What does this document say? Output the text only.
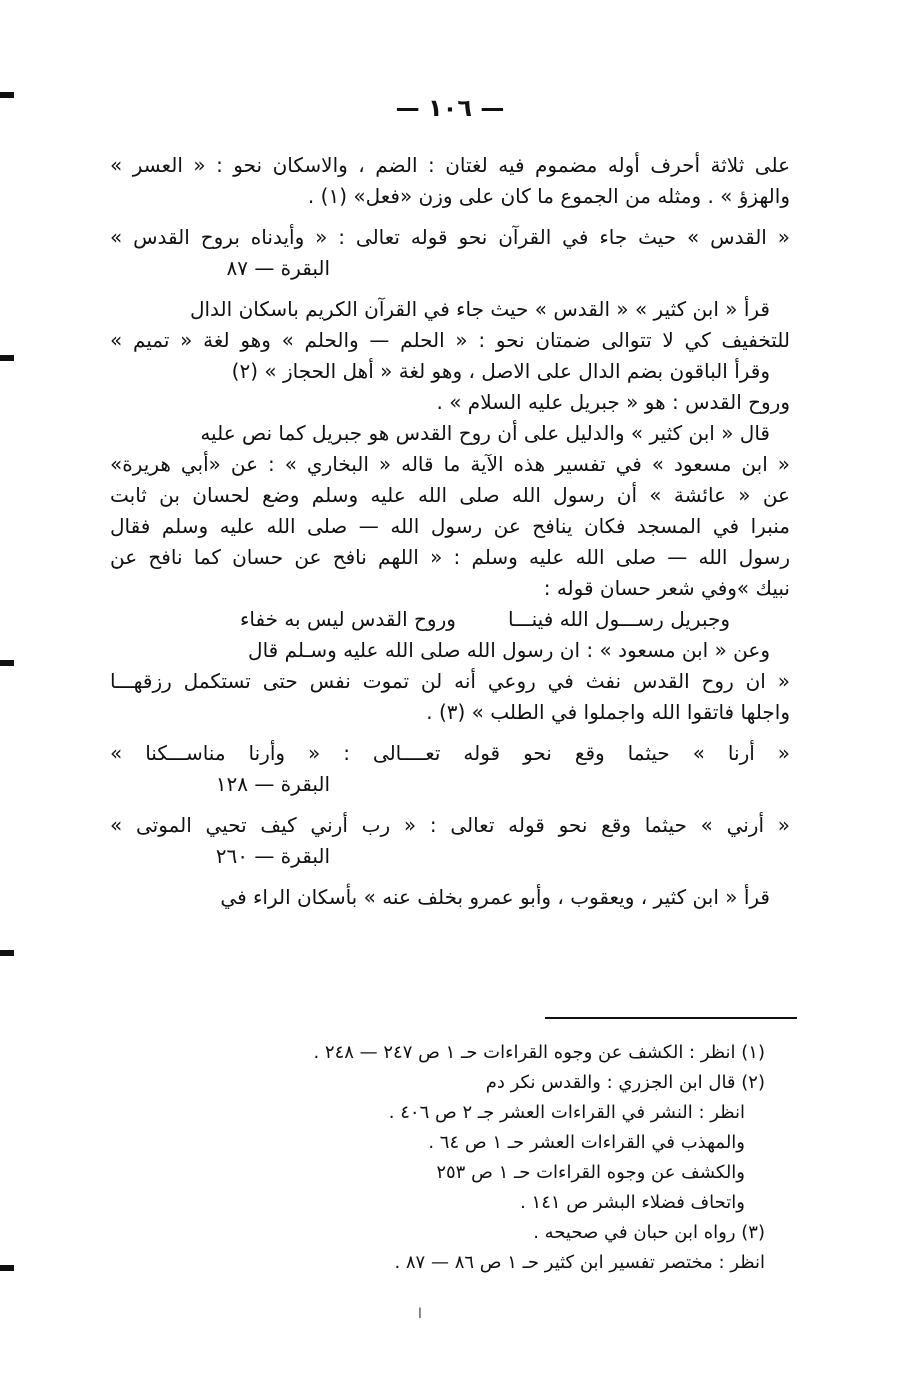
— ١٠٦ —
على ثلاثة أحرف أوله مضموم فيه لغتان : الضم ، والاسكان نحو : « العسر »
والهزؤ » . ومثله من الجموع ما كان على وزن «فعل» (١) .
« القدس » حيث جاء في القرآن نحو قوله تعالى : « وأيدناه بروح القدس »
البقرة — ٨٧
قرأ « ابن كثير » « القدس » حيث جاء في القرآن الكريم باسكان الدال
للتخفيف كي لا تتوالى ضمتان نحو : « الحلم — والحلم » وهو لغة « تميم »
وقرأ الباقون بضم الدال على الاصل ، وهو لغة « أهل الحجاز » (٢)
وروح القدس : هو « جبريل عليه السلام » .
قال « ابن كثير » والدليل على أن روح القدس هو جبريل كما نص عليه
« ابن مسعود » في تفسير هذه الآية ما قاله « البخاري » : عن «أبي هريرة»
عن « عائشة » أن رسول الله صلى الله عليه وسلم وضع لحسان بن ثابت
منبرا في المسجد فكان ينافح عن رسول الله — صلى الله عليه وسلم فقال
رسول الله — صلى الله عليه وسلم : « اللهم نافح عن حسان كما نافح عن
نبيك »وفي شعر حسان قوله :
وجبريل رســـول الله فينـــا
وروح القدس ليس به خفاء
وعن « ابن مسعود » : ان رسول الله صلى الله عليه وسـلم قال
« ان روح القدس نفث في روعي أنه لن تموت نفس حتى تستكمل رزقهـــا
واجلها فاتقوا الله واجملوا في الطلب » (٣) .
« أرنا » حيثما وقع نحو قوله تعــــالى : « وأرنا مناســـكنا »
البقرة — ١٢٨
« أرني » حيثما وقع نحو قوله تعالى : « رب أرني كيف تحيي الموتى »
البقرة — ٢٦٠
قرأ « ابن كثير ، ويعقوب ، وأبو عمرو بخلف عنه » بأسكان الراء في
(١) انظر : الكشف عن وجوه القراءات حـ ١ ص ٢٤٧ — ٢٤٨ .
(٢) قال ابن الجزري : والقدس نكر دم
انظر : النشر في القراءات العشر جـ ٢ ص ٤٠٦ .
والمهذب في القراءات العشر حـ ١ ص ٦٤ .
والكشف عن وجوه القراءات حـ ١ ص ٢٥٣
واتحاف فضلاء البشر ص ١٤١ .
(٣) رواه ابن حبان في صحيحه .
انظر : مختصر تفسير ابن كثير حـ ١ ص ٨٦ — ٨٧ .
ا
